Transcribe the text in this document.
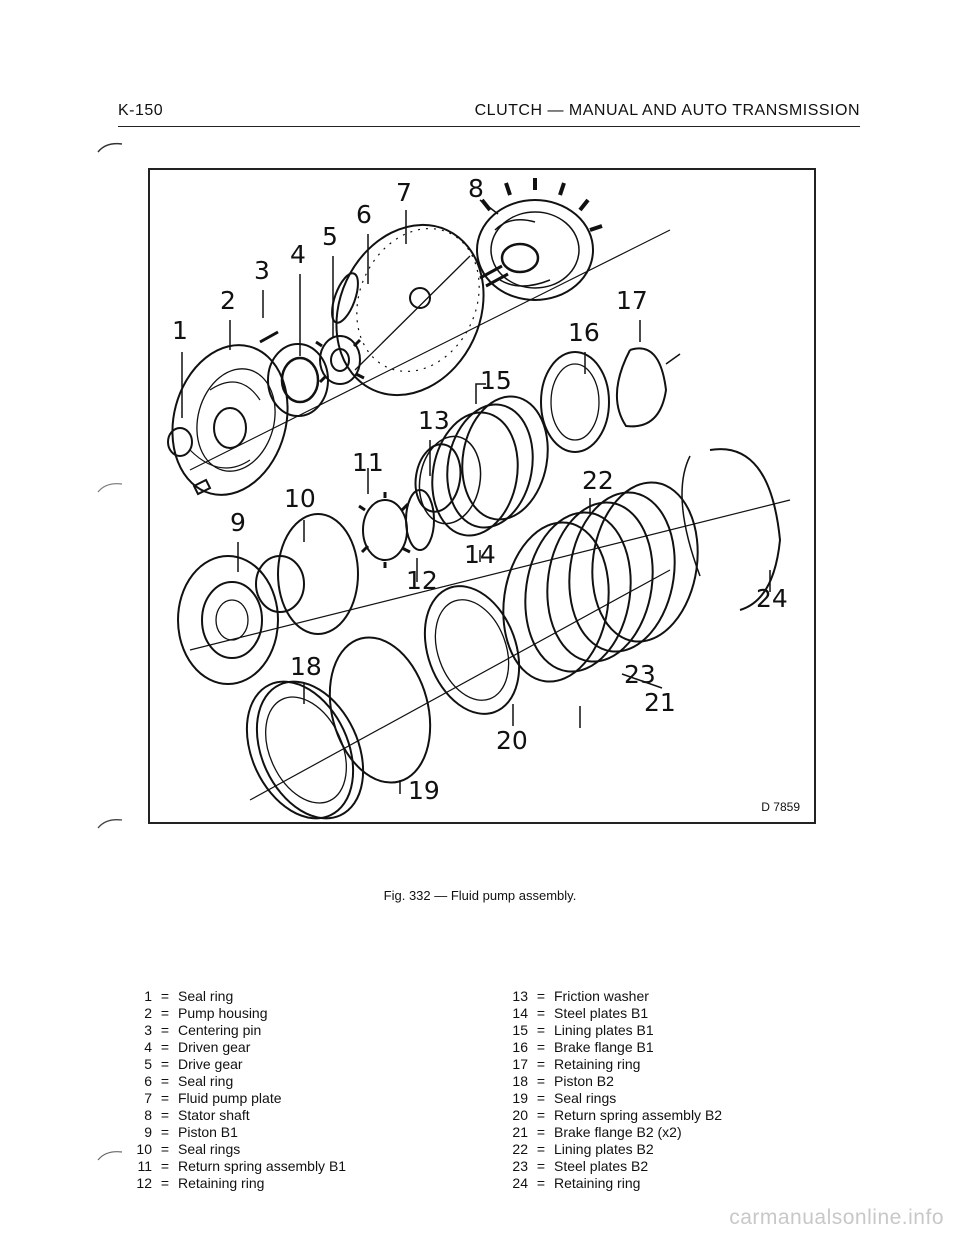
K-150	CLUTCH — MANUAL AND AUTO TRANSMISSION
1
2
3
4
5
6
7 8
9
10
11
12
13
14
15
16
17
18
19
20
21
22
23
24
D 7859
Fig. 332 — Fluid pump assembly.
1 = Seal ring
2 = Pump housing
3 = Centering pin
4 = Driven gear
5 = Drive gear
6 = Seal ring
7 = Fluid pump plate
8 = Stator shaft
9 = Piston B1
10 = Seal rings
11 = Return spring assembly B1
12 = Retaining ring
13 = Friction washer
14 = Steel plates B1
15 = Lining plates B1
16 = Brake flange B1
17 = Retaining ring
18 = Piston B2
19 = Seal rings
20 = Return spring assembly B2
21 = Brake flange B2 (x2)
22 = Lining plates B2
23 = Steel plates B2
24 = Retaining ring
carmanualsonline.info
